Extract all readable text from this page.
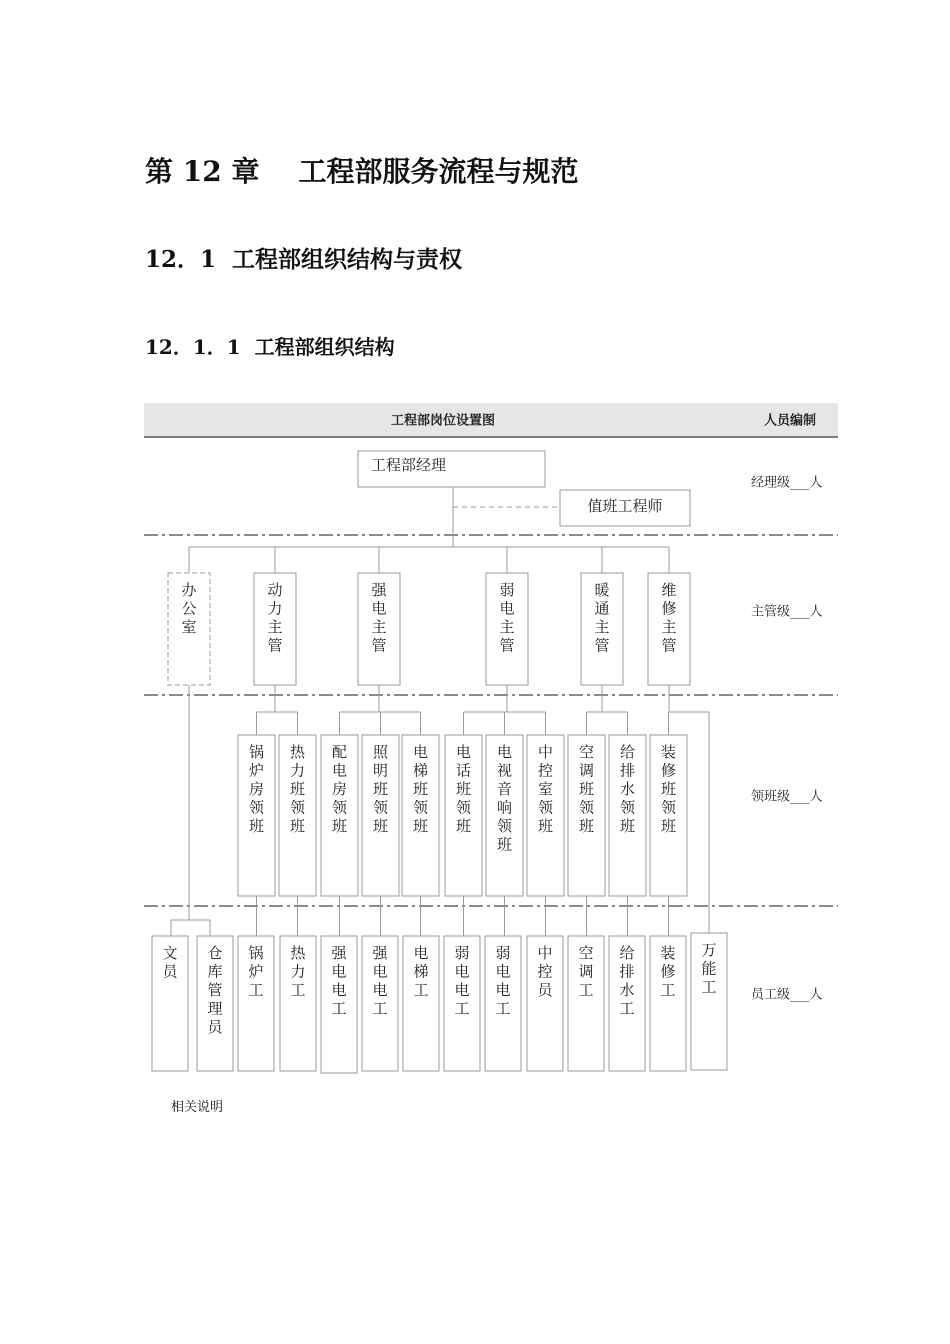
第 12 章    工程部服务流程与规范
12．1  工程部组织结构与责权
12．1．1  工程部组织结构
工程部岗位设置图	人员编制
工程部经理
值班工程师
经理级___人
主管级___人
领班级___人
员工级___人
办公室
动力主管
强电主管
弱电主管
暖通主管
维修主管
锅炉房领班
热力班领班
配电房领班
照明班领班
电梯班领班
电话班领班
电视音响领班
中控室领班
空调班领班
给排水领班
装修班领班
文员
仓库管理员
锅炉工
热力工
强电电工
强电电工
电梯工
弱电电工
弱电电工
中控员
空调工
给排水工
装修工
万能工
相关说明
